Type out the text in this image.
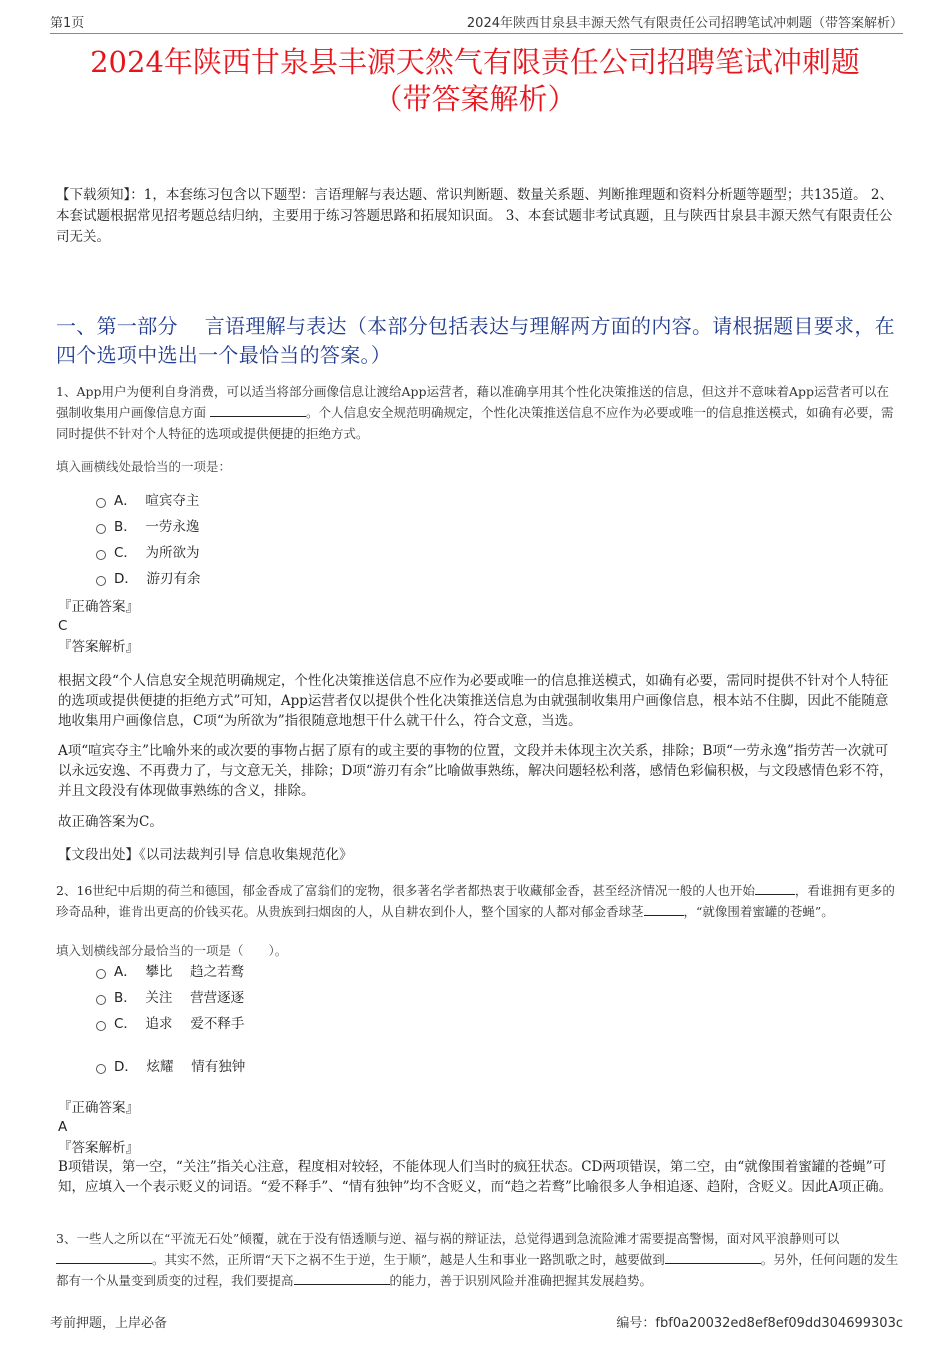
第1页	2024年陕西甘泉县丰源天然气有限责任公司招聘笔试冲刺题（带答案解析）
2024年陕西甘泉县丰源天然气有限责任公司招聘笔试冲刺题
（带答案解析）
【下载须知】：1，本套练习包含以下题型：言语理解与表达题、常识判断题、数量关系题、判断推理题和资料分析题等题型；共135道。 2、本套试题根据常见招考题总结归纳，主要用于练习答题思路和拓展知识面。 3、本套试题非考试真题，且与陕西甘泉县丰源天然气有限责任公司无关。
一、第一部分　 言语理解与表达（本部分包括表达与理解两方面的内容。请根据题目要求，在四个选项中选出一个最恰当的答案。）
1、App用户为便利自身消费，可以适当将部分画像信息让渡给App运营者，藉以准确享用其个性化决策推送的信息，但这并不意味着App运营者可以在强制收集用户画像信息方面	。个人信息安全规范明确规定，个性化决策推送信息不应作为必要或唯一的信息推送模式，如确有必要，需同时提供不针对个人特征的选项或提供便捷的拒绝方式。
填入画横线处最恰当的一项是：
A． 喧宾夺主
B． 一劳永逸
C． 为所欲为
D． 游刃有余
『正确答案』
C
『答案解析』
根据文段“个人信息安全规范明确规定，个性化决策推送信息不应作为必要或唯一的信息推送模式，如确有必要，需同时提供不针对个人特征的选项或提供便捷的拒绝方式”可知，App运营者仅以提供个性化决策推送信息为由就强制收集用户画像信息，根本站不住脚，因此不能随意地收集用户画像信息，C项“为所欲为”指很随意地想干什么就干什么，符合文意，当选。
A项“喧宾夺主”比喻外来的或次要的事物占据了原有的或主要的事物的位置，文段并未体现主次关系，排除；B项“一劳永逸”指劳苦一次就可以永远安逸、不再费力了，与文意无关，排除；D项“游刃有余”比喻做事熟练，解决问题轻松利落，感情色彩偏积极，与文段感情色彩不符，并且文段没有体现做事熟练的含义，排除。
故正确答案为C。
【文段出处】《以司法裁判引导 信息收集规范化》
2、16世纪中后期的荷兰和德国，郁金香成了富翁们的宠物，很多著名学者都热衷于收藏郁金香，甚至经济情况一般的人也开始	，看谁拥有更多的珍奇品种，谁肯出更高的价钱买花。从贵族到扫烟囱的人，从自耕农到仆人，整个国家的人都对郁金香球茎	，“就像围着蜜罐的苍蝇”。
填入划横线部分最恰当的一项是（　　）。
A． 攀比　 趋之若鹜
B． 关注　 营营逐逐
C． 追求　 爱不释手
D． 炫耀　 情有独钟
『正确答案』
A
『答案解析』
B项错误，第一空，“关注”指关心注意，程度相对较轻，不能体现人们当时的疯狂状态。CD两项错误，第二空，由“就像围着蜜罐的苍蝇”可知，应填入一个表示贬义的词语。“爱不释手”、“情有独钟”均不含贬义，而“趋之若鹜”比喻很多人争相追逐、趋附，含贬义。因此A项正确。
3、一些人之所以在“平流无石处”倾覆，就在于没有悟透顺与逆、福与祸的辩证法，总觉得遇到急流险滩才需要提高警惕，面对风平浪静则可以。其实不然，正所谓“天下之祸不生于逆，生于顺”，越是人生和事业一路凯歌之时，越要做到	。另外，任何问题的发生都有一个从量变到质变的过程，我们要提高	的能力，善于识别风险并准确把握其发展趋势。
考前押题，上岸必备	编号：fbf0a20032ed8ef8ef09dd304699303c
